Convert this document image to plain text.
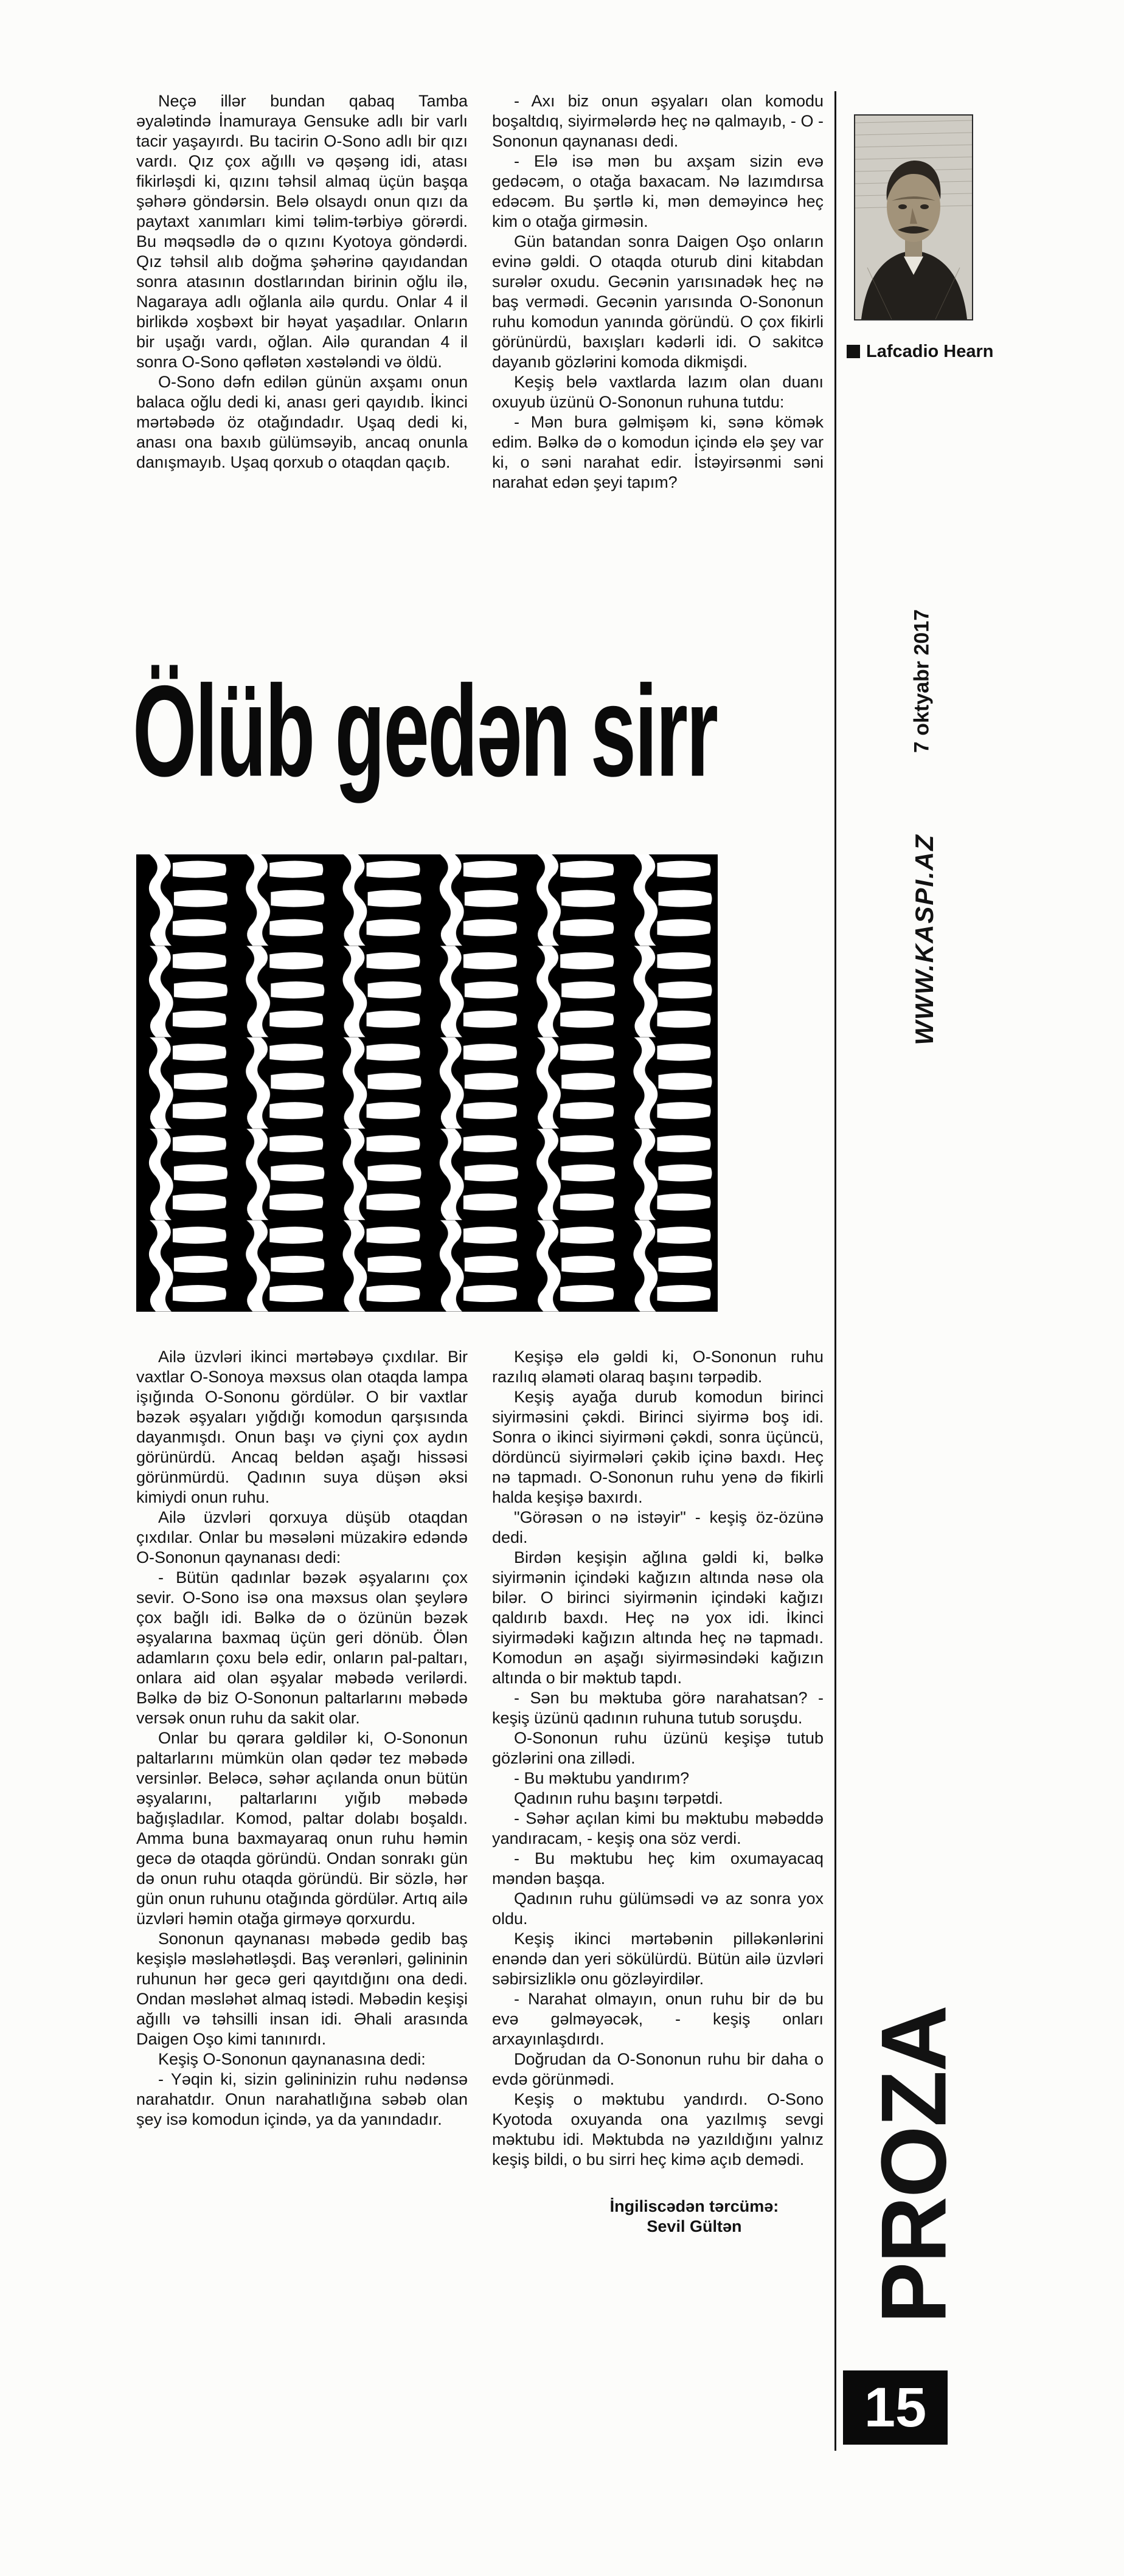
Neçə illər bundan qabaq Tamba əyalətində İnamuraya Gensuke adlı bir varlı tacir yaşayırdı. Bu tacirin O-Sono adlı bir qızı vardı. Qız çox ağıllı və qəşəng idi, atası fikirləşdi ki, qızını təhsil almaq üçün başqa şəhərə göndərsin. Belə olsaydı onun qızı da paytaxt xanımları kimi təlim-tərbiyə görərdi. Bu məqsədlə də o qızını Kyotoya göndərdi. Qız təhsil alıb doğma şəhərinə qayıdandan sonra atasının dostlarından birinin oğlu ilə, Nagaraya adlı oğlanla ailə qurdu. Onlar 4 il birlikdə xoşbəxt bir həyat yaşadılar. Onların bir uşağı vardı, oğlan. Ailə qurandan 4 il sonra O-Sono qəflətən xəstələndi və öldü.

O-Sono dəfn edilən günün axşamı onun balaca oğlu dedi ki, anası geri qayıdıb. İkinci mərtəbədə öz otağındadır. Uşaq dedi ki, anası ona baxıb gülümsəyib, ancaq onunla danışmayıb. Uşaq qorxub o otaqdan qaçıb.

- Axı biz onun əşyaları olan komodu boşaltdıq, siyirmələrdə heç nə qalmayıb, - O - Sononun qaynanası dedi.

- Elə isə mən bu axşam sizin evə gedəcəm, o otağa baxacam. Nə lazımdırsa edəcəm. Bu şərtlə ki, mən deməyincə heç kim o otağa girməsin.

Gün batandan sonra Daigen Oşo onların evinə gəldi. O otaqda oturub dini kitabdan surələr oxudu. Gecənin yarısınadək heç nə baş vermədi. Gecənin yarısında O-Sononun ruhu komodun yanında göründü. O çox fikirli görünürdü, baxışları kədərli idi. O sakitcə dayanıb gözlərini komoda dikmişdi.

Keşiş belə vaxtlarda lazım olan duanı oxuyub üzünü O-Sononun ruhuna tutdu:

- Mən bura gəlmişəm ki, sənə kömək edim. Bəlkə də o komodun içində elə şey var ki, o səni narahat edir. İstəyirsənmi səni narahat edən şeyi tapım?

Ölüb gedən sirr

Ailə üzvləri ikinci mərtəbəyə çıxdılar. Bir vaxtlar O-Sonoya məxsus olan otaqda lampa işığında O-Sononu gördülər. O bir vaxtlar bəzək əşyaları yığdığı komodun qarşısında dayanmışdı. Onun başı və çiyni çox aydın görünürdü. Ancaq beldən aşağı hissəsi görünmürdü. Qadının suya düşən əksi kimiydi onun ruhu.

Ailə üzvləri qorxuya düşüb otaqdan çıxdılar. Onlar bu məsələni müzakirə edəndə O-Sononun qaynanası dedi:

- Bütün qadınlar bəzək əşyalarını çox sevir. O-Sono isə ona məxsus olan şeylərə çox bağlı idi. Bəlkə də o özünün bəzək əşyalarına baxmaq üçün geri dönüb. Ölən adamların çoxu belə edir, onların pal-paltarı, onlara aid olan əşyalar məbədə verilərdi. Bəlkə də biz O-Sononun paltarlarını məbədə versək onun ruhu da sakit olar.

Onlar bu qərara gəldilər ki, O-Sononun paltarlarını mümkün olan qədər tez məbədə versinlər. Beləcə, səhər açılanda onun bütün əşyalarını, paltarlarını yığıb məbədə bağışladılar. Komod, paltar dolabı boşaldı. Amma buna baxmayaraq onun ruhu həmin gecə də otaqda göründü. Ondan sonrakı gün də onun ruhu otaqda göründü. Bir sözlə, hər gün onun ruhunu otağında gördülər. Artıq ailə üzvləri həmin otağa girməyə qorxurdu.

Sononun qaynanası məbədə gedib baş keşişlə məsləhətləşdi. Baş verənləri, gəlininin ruhunun hər gecə geri qayıtdığını ona dedi. Ondan məsləhət almaq istədi. Məbədin keşişi ağıllı və təhsilli insan idi. Əhali arasında Daigen Oşo kimi tanınırdı.

Keşiş O-Sononun qaynanasına dedi:

- Yəqin ki, sizin gəlininizin ruhu nədənsə narahatdır. Onun narahatlığına səbəb olan şey isə komodun içində, ya da yanındadır.

Keşişə elə gəldi ki, O-Sononun ruhu razılıq əlaməti olaraq başını tərpədib.

Keşiş ayağa durub komodun birinci siyirməsini çəkdi. Birinci siyirmə boş idi. Sonra o ikinci siyirməni çəkdi, sonra üçüncü, dördüncü siyirmələri çəkib içinə baxdı. Heç nə tapmadı. O-Sononun ruhu yenə də fikirli halda keşişə baxırdı.

"Görəsən o nə istəyir" - keşiş öz-özünə dedi.

Birdən keşişin ağlına gəldi ki, bəlkə siyirmənin içindəki kağızın altında nəsə ola bilər. O birinci siyirmənin içindəki kağızı qaldırıb baxdı. Heç nə yox idi. İkinci siyirmədəki kağızın altında heç nə tapmadı. Komodun ən aşağı siyirməsindəki kağızın altında o bir məktub tapdı.

- Sən bu məktuba görə narahatsan? - keşiş üzünü qadının ruhuna tutub soruşdu.

O-Sononun ruhu üzünü keşişə tutub gözlərini ona zillədi.

- Bu məktubu yandırım?

Qadının ruhu başını tərpətdi.

- Səhər açılan kimi bu məktubu məbəddə yandıracam, - keşiş ona söz verdi.

- Bu məktubu heç kim oxumayacaq məndən başqa.

Qadının ruhu gülümsədi və az sonra yox oldu.

Keşiş ikinci mərtəbənin pilləkənlərini enəndə dan yeri sökülürdü. Bütün ailə üzvləri səbirsizliklə onu gözləyirdilər.

- Narahat olmayın, onun ruhu bir də bu evə gəlməyəcək, - keşiş onları arxayınlaşdırdı.

Doğrudan da O-Sononun ruhu bir daha o evdə görünmədi.

Keşiş o məktubu yandırdı. O-Sono Kyotoda oxuyanda ona yazılmış sevgi məktubu idi. Məktubda nə yazıldığını yalnız keşiş bildi, o bu sirri heç kimə açıb demədi.

İngiliscədən tərcümə:
Sevil Gültən
Lafcadio Hearn
7 oktyabr 2017
WWW.KASPI.AZ
PROZA
15
